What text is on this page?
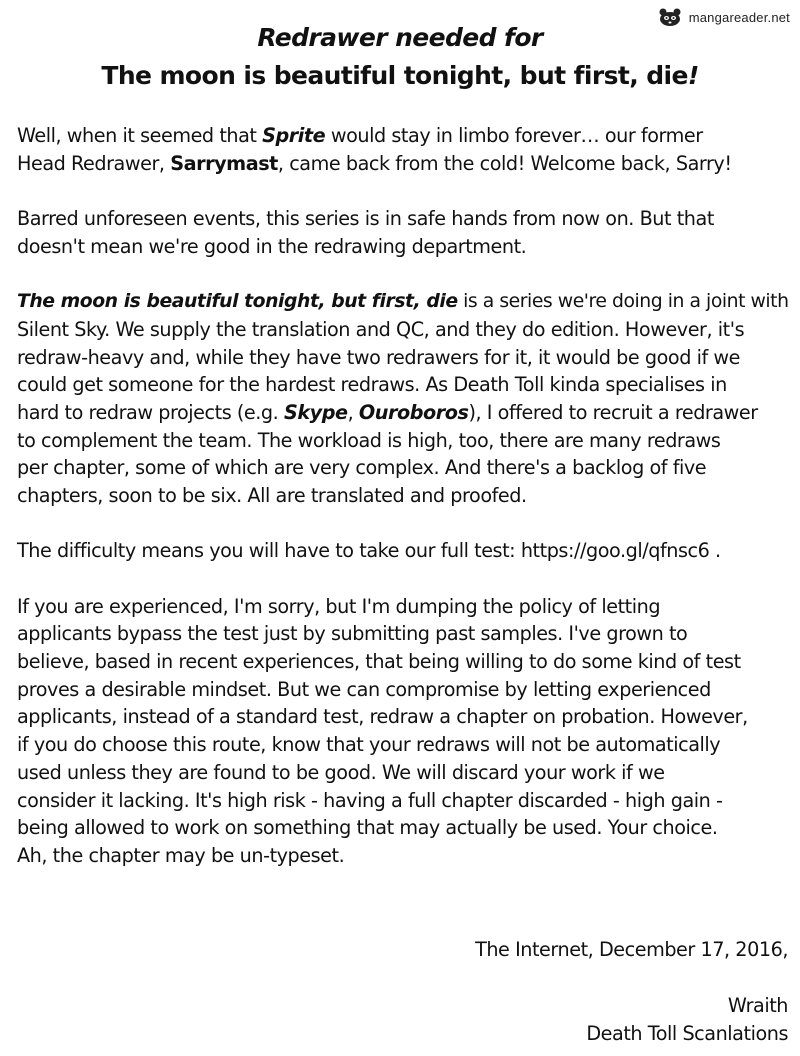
mangareader.net
Redrawer needed for
The moon is beautiful tonight, but first, die!
Well, when it seemed that Sprite would stay in limbo forever… our former
Head Redrawer, Sarrymast, came back from the cold! Welcome back, Sarry!
Barred unforeseen events, this series is in safe hands from now on. But that
doesn't mean we're good in the redrawing department.
The moon is beautiful tonight, but first, die is a series we're doing in a joint with
Silent Sky. We supply the translation and QC, and they do edition. However, it's
redraw-heavy and, while they have two redrawers for it, it would be good if we
could get someone for the hardest redraws. As Death Toll kinda specialises in
hard to redraw projects (e.g. Skype, Ouroboros), I offered to recruit a redrawer
to complement the team. The workload is high, too, there are many redraws
per chapter, some of which are very complex. And there's a backlog of five
chapters, soon to be six. All are translated and proofed.
The difficulty means you will have to take our full test: https://goo.gl/qfnsc6 .
If you are experienced, I'm sorry, but I'm dumping the policy of letting
applicants bypass the test just by submitting past samples. I've grown to
believe, based in recent experiences, that being willing to do some kind of test
proves a desirable mindset. But we can compromise by letting experienced
applicants, instead of a standard test, redraw a chapter on probation. However,
if you do choose this route, know that your redraws will not be automatically
used unless they are found to be good. We will discard your work if we
consider it lacking. It's high risk - having a full chapter discarded - high gain -
being allowed to work on something that may actually be used. Your choice.
Ah, the chapter may be un-typeset.
The Internet, December 17, 2016,
Wraith
Death Toll Scanlations
